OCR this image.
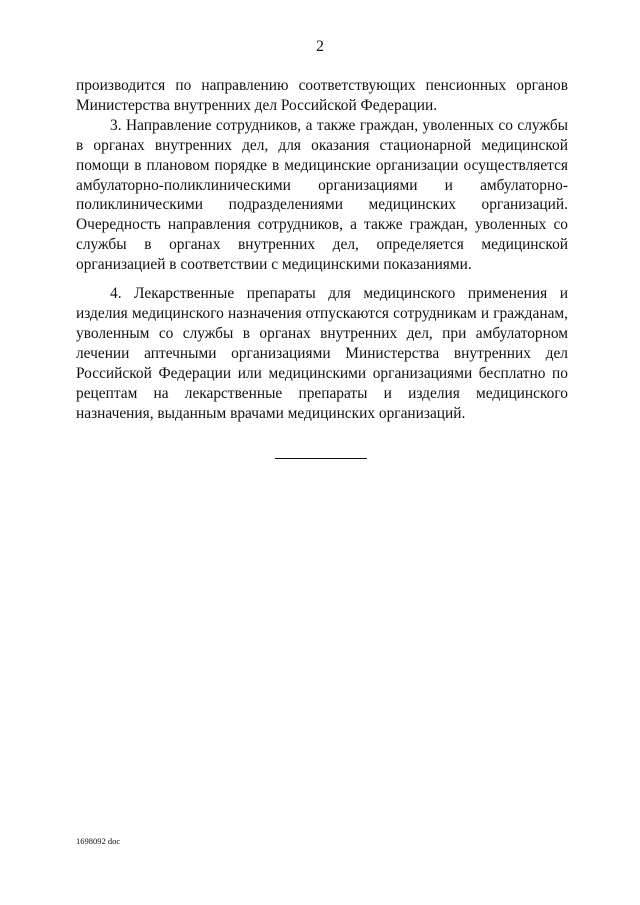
2

производится по направлению соответствующих пенсионных органов Министерства внутренних дел Российской Федерации.

3. Направление сотрудников, а также граждан, уволенных со службы в органах внутренних дел, для оказания стационарной медицинской помощи в плановом порядке в медицинские организации осуществляется амбулаторно-поликлиническими организациями и амбулаторно-поликлиническими подразделениями медицинских организаций. Очередность направления сотрудников, а также граждан, уволенных со службы в органах внутренних дел, определяется медицинской организацией в соответствии с медицинскими показаниями.

4. Лекарственные препараты для медицинского применения и изделия медицинского назначения отпускаются сотрудникам и гражданам, уволенным со службы в органах внутренних дел, при амбулаторном лечении аптечными организациями Министерства внутренних дел Российской Федерации или медицинскими организациями бесплатно по рецептам на лекарственные препараты и изделия медицинского назначения, выданным врачами медицинских организаций.

1698092 doc
